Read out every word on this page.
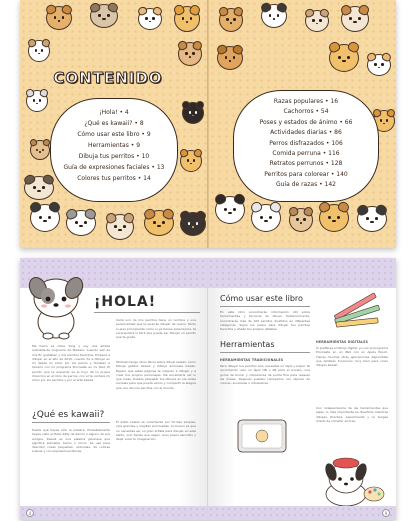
CONTENIDO
¡Hola! • 4
¿Qué es kawaii? • 8
Cómo usar este libro • 9
Herramientas • 9
Dibuja tus perritos • 10
Guía de expresiones faciales • 13
Colores tus perritos • 14
Razas populares • 16
Cachorros • 54
Poses y estados de ánimo • 66
Actividades diarias • 86
Perros disfrazados • 106
Comida perruna • 116
Retratos perrunos • 128
Perritos para colorear • 140
Guía de razas • 142
¡HOLA!
Me llamo es Olive Yong y soy una artista autodidacta originaria de Malasia. Cuando salí de mis fin gustaban y mis perritos favoritos. Empecé a dibujar en el año de 2015, cuando fui a dibujar en mi desde mi amor por los perros y también a hacerlo con mi programa Procreate en mi iPad. El perrito que te presento es el tuyo de tu propia dirección en el libro de perros; con él te contaré mi amor por los perritos y por el arte kawaii.
Cada uno de mis perritos tiene un nombre y una personalidad que te querrás dibujar de nuevo. Tanto si eres principiante como si ya tienes experiencia, te sorprenderá lo fácil que puede ser dibujar un perrito que te guste.
También tengo otros libros sobre dibujo kawaii, como Dibuja gatitos kawaii y Dibuja animales kawaii. Espero que estas páginas te inspiren a dibujar y a crear tus propios personajes. Me encantaría ver lo que creas. Puedes etiquetar tus dibujos en las redes sociales para que pueda verlos y compartir la alegría que nos dan los perritos con el mundo.
¿Qué es kawaii?
Puede que hayas oído la palabra. Probablemente hayas visto el Hello Kitty de Sanrio o alguno de sus amigos. Kawaii es una palabra japonesa que significa adorable, tierno o mono. Se usa para describir cosas pequeñas, redondas, de colores suaves y con expresiones felices.
El estilo kawaii se caracteriza por formas simples, ojos grandes y mejillas sonrosadas. Lo bueno es que no necesitas ser un gran artista para dibujar en este estilo; solo tienes que seguir unos pasos sencillos y dejar volar tu imaginación.
4
Cómo usar este libro
En este libro encontrarás información útil sobre herramientas y técnicas de dibujo. Posteriormente, encontrarás más de 100 perritos divididos en diferentes categorías. Sigue los pasos para dibujar tus perritos favoritos y añade tus propios detalles.
Herramientas
HERRAMIENTAS TRADICIONALES
Para dibujar tus perritos solo necesitas un lápiz y papel. Te recomiendo usar un lápiz HB o 2B para el boceto, una goma de borrar y rotuladores de punta fina para repasar las líneas. Después puedes colorearlos con lápices de colores, acuarelas o rotuladores.
HERRAMIENTAS DIGITALES
Si prefieres el dibujo digital, yo uso el programa Procreate en un iPad con un Apple Pencil. Tienes muchas otras aplicaciones disponibles que también funcionan muy bien para crear dibujos kawaii.
Con independencia de las herramientas que elijas, lo más importante es divertirte mientras dibujas. Practica, experimenta y no tengas miedo de cometer errores.
9
